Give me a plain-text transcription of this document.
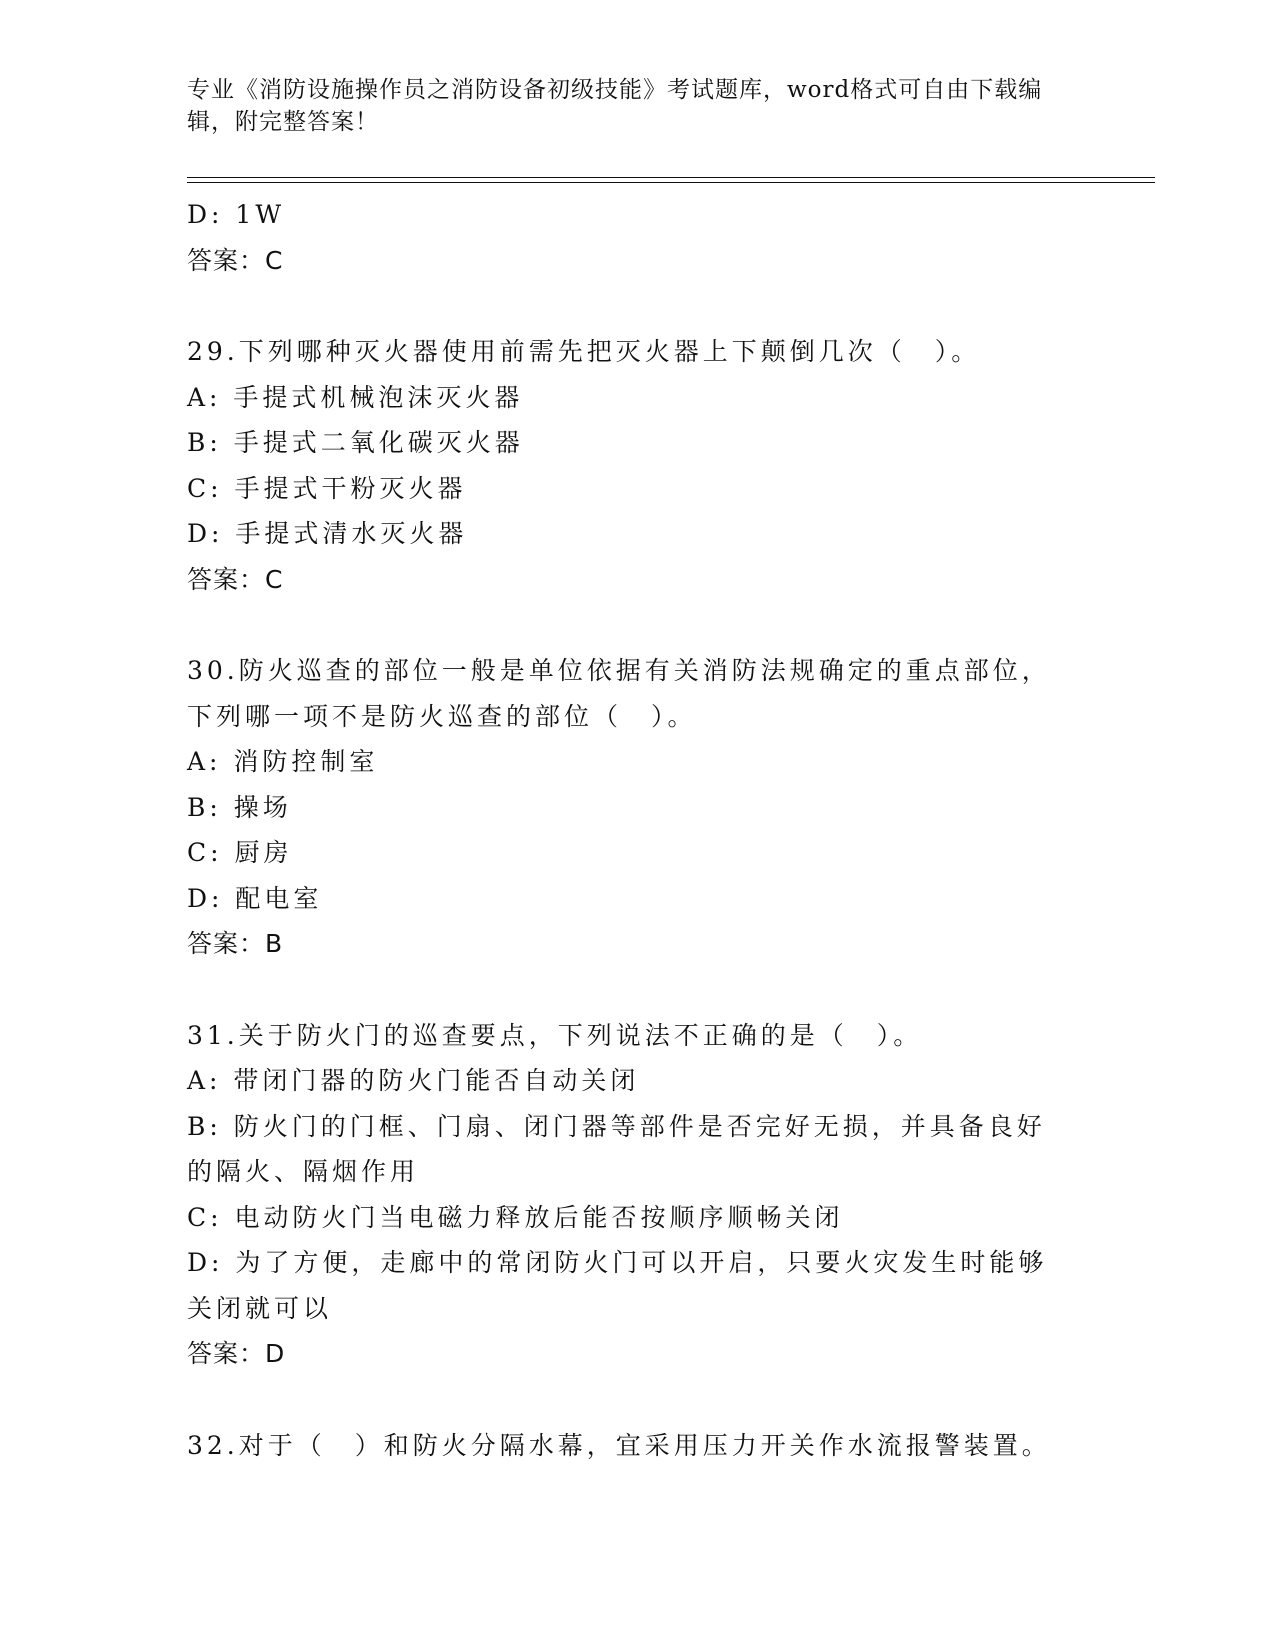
专业《消防设施操作员之消防设备初级技能》考试题库，word格式可自由下载编辑，附完整答案！
D: 1W
答案：C
29.下列哪种灭火器使用前需先把灭火器上下颠倒几次（　）。
A: 手提式机械泡沫灭火器
B: 手提式二氧化碳灭火器
C: 手提式干粉灭火器
D: 手提式清水灭火器
答案：C
30.防火巡查的部位一般是单位依据有关消防法规确定的重点部位，下列哪一项不是防火巡查的部位（　）。
A: 消防控制室
B: 操场
C: 厨房
D: 配电室
答案：B
31.关于防火门的巡查要点，下列说法不正确的是（　）。
A: 带闭门器的防火门能否自动关闭
B: 防火门的门框、门扇、闭门器等部件是否完好无损，并具备良好的隔火、隔烟作用
C: 电动防火门当电磁力释放后能否按顺序顺畅关闭
D: 为了方便，走廊中的常闭防火门可以开启，只要火灾发生时能够关闭就可以
答案：D
32.对于（　）和防火分隔水幕，宜采用压力开关作水流报警装置。
